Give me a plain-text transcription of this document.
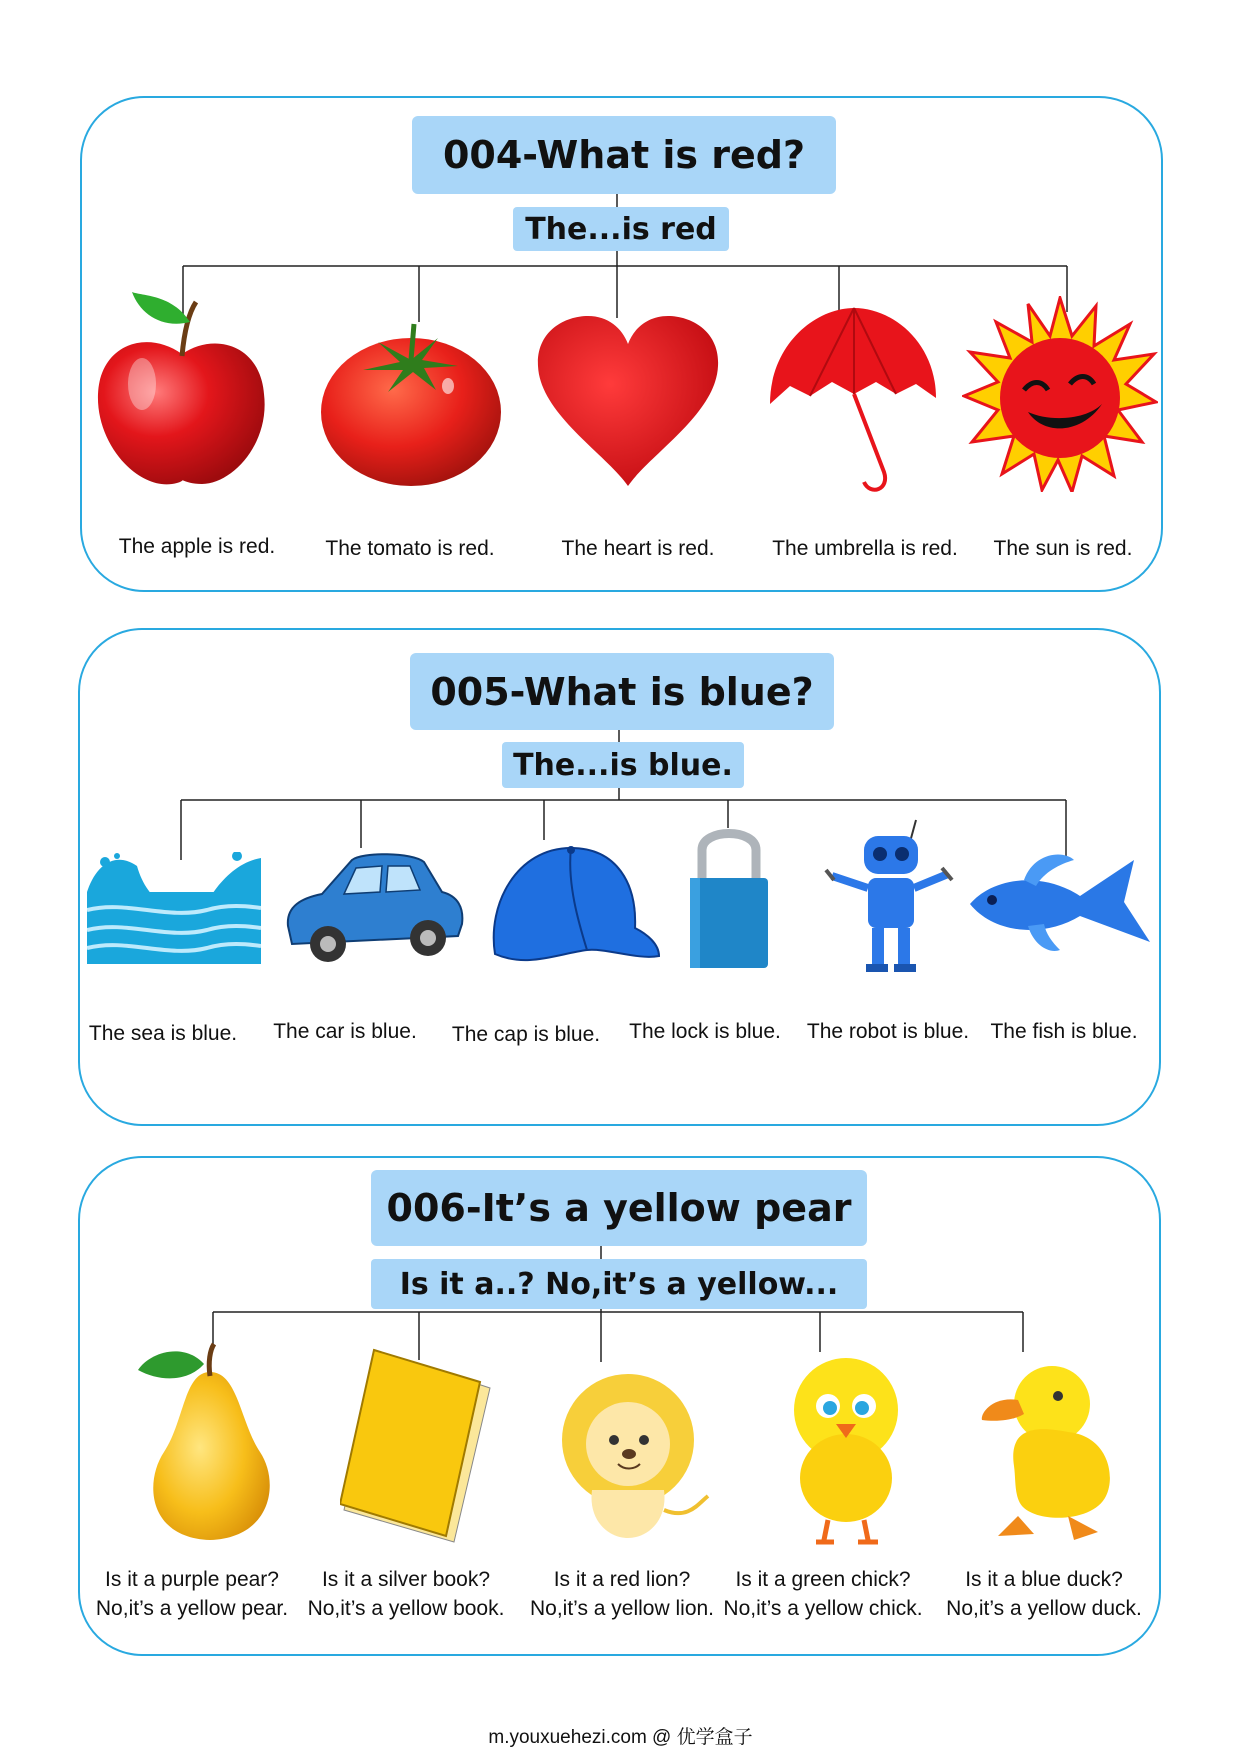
004-What is red?
The...is red
The apple is red. The tomato is red.	The heart is red.	The umbrella is red. The sun is red.
005-What is blue?
The...is blue.
The sea is blue. The car is blue. The cap is blue. The lock is blue. The robot is blue. The fish is blue.
006-It’s a yellow pear
Is it a..? No,it’s a yellow...
Is it a purple pear?
No,it’s a yellow pear.
Is it a silver book?
No,it’s a yellow book.
Is it a red lion?
No,it’s a yellow lion.
Is it a green chick?
No,it’s a yellow chick.
Is it a blue duck?
No,it’s a yellow duck.
m.youxuehezi.com @ 优学盒子
